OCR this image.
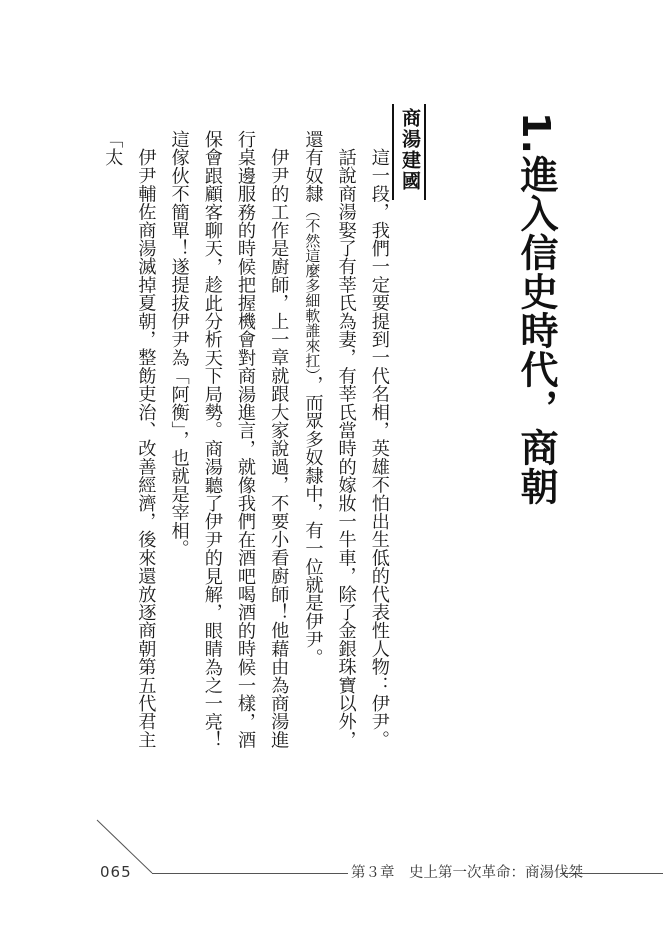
1.進入信史時代，商朝
商湯建國

這一段，我們一定要提到一代名相，英雄不怕出生低的代表性人物：伊尹。

話說商湯娶了有莘氏為妻，有莘氏當時的嫁妝一牛車，除了金銀珠寶以外，還有奴隸（不然這麼多細軟誰來扛），而眾多奴隸中，有一位就是伊尹。

伊尹的工作是廚師，上一章就跟大家說過，不要小看廚師！他藉由為商湯進行桌邊服務的時候把握機會對商湯進言，就像我們在酒吧喝酒的時候一樣，酒保會跟顧客聊天，趁此分析天下局勢。商湯聽了伊尹的見解，眼睛為之一亮！這傢伙不簡單！遂提拔伊尹為「阿衡」，也就是宰相。

伊尹輔佐商湯滅掉夏朝，整飭吏治、改善經濟，後來還放逐商朝第五代君主「太

065	第３章　史上第一次革命：商湯伐桀
